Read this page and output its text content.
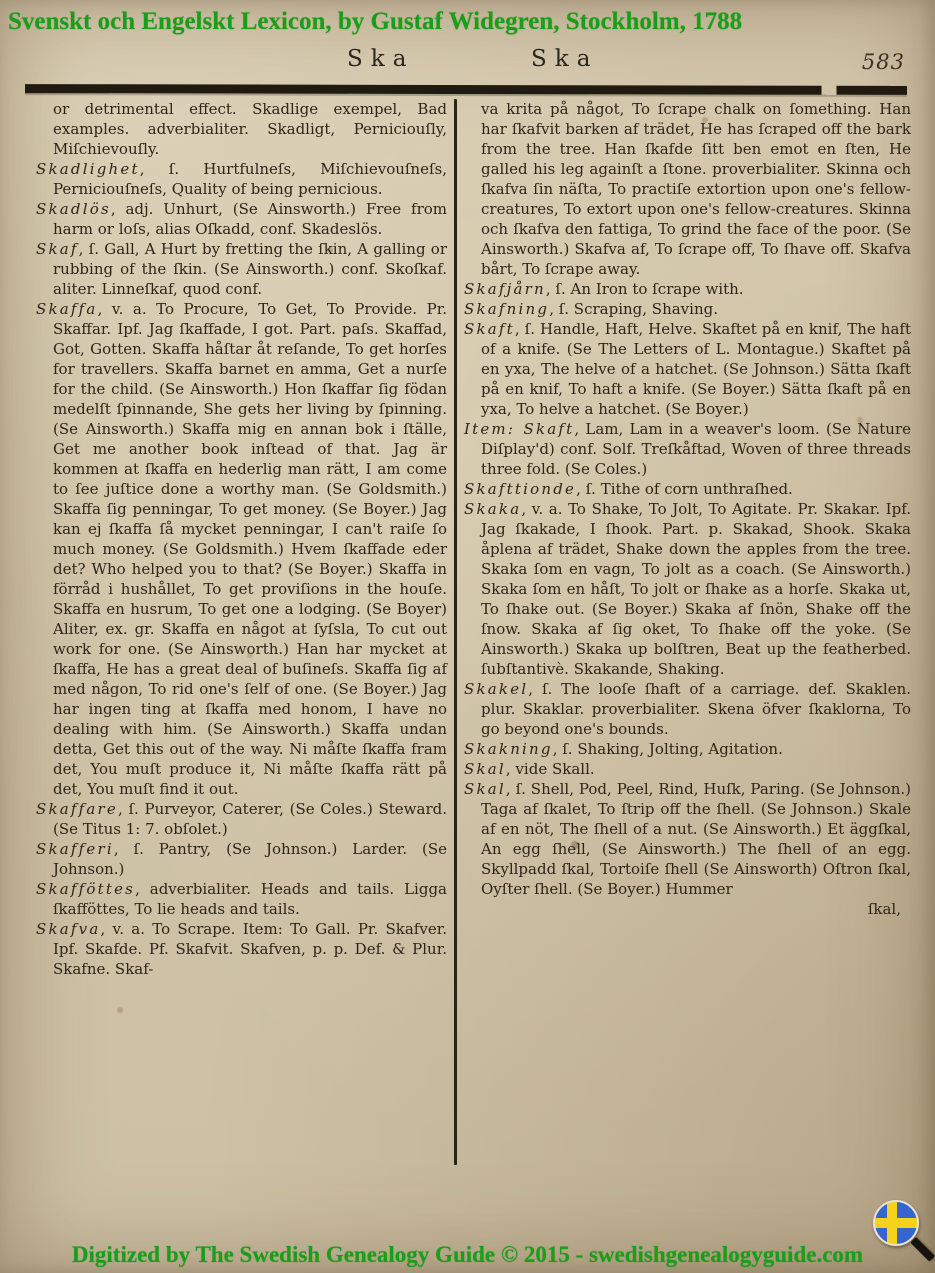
Svenskt och Engelskt Lexicon, by Gustaf Widegren, Stockholm, 1788
Ska	Ska	583

or detrimental effect. Skadlige exempel, Bad examples. adverbialiter. Skadligt, Perniciouſly, Miſchievouſly.

Skadlighet, ſ. Hurtfulneſs, Miſchievouſneſs, Perniciouſneſs, Quality of being pernicious.

Skadlös, adj. Unhurt, (Se Ainsworth.) Free from harm or loſs, alias Oſkadd, conf. Skadeslös.

Skaf, ſ. Gall, A Hurt by fretting the ſkin, A galling or rubbing of the ſkin. (Se Ainsworth.) conf. Skoſkaf. aliter. Linneſkaf, quod conf.

Skaffa, v. a. To Procure, To Get, To Provide. Pr. Skaffar. Ipf. Jag ſkaffade, I got. Part. paſs. Skaffad, Got, Gotten. Skaffa håſtar åt reſande, To get horſes for travellers. Skaffa barnet en amma, Get a nurſe for the child. (Se Ainsworth.) Hon ſkaffar ſig födan medelſt ſpinnande, She gets her living by ſpinning. (Se Ainsworth.) Skaffa mig en annan bok i ſtälle, Get me another book inſtead of that. Jag är kommen at ſkaffa en hederlig man rätt, I am come to ſee juſtice done a worthy man. (Se Goldsmith.) Skaffa ſig penningar, To get money. (Se Boyer.) Jag kan ej ſkaffa ſå mycket penningar, I can't raiſe ſo much money. (Se Goldsmith.) Hvem ſkaffade eder det? Who helped you to that? (Se Boyer.) Skaffa in förråd i hushållet, To get proviſions in the houſe. Skaffa en husrum, To get one a lodging. (Se Boyer) Aliter, ex. gr. Skaffa en något at ſyſsla, To cut out work for one. (Se Ainsworth.) Han har mycket at ſkaffa, He has a great deal of buſineſs. Skaffa ſig af med någon, To rid one's ſelf of one. (Se Boyer.) Jag har ingen ting at ſkaffa med honom, I have no dealing with him. (Se Ainsworth.) Skaffa undan detta, Get this out of the way. Ni måſte ſkaffa fram det, You muſt produce it, Ni måſte ſkaffa rätt på det, You muſt find it out.

Skaffare, ſ. Purveyor, Caterer, (Se Coles.) Steward. (Se Titus 1: 7. obſolet.)

Skafferi, ſ. Pantry, (Se Johnson.) Larder. (Se Johnson.)

Skafföttes, adverbialiter. Heads and tails. Ligga ſkafföttes, To lie heads and tails.

Skafva, v. a. To Scrape. Item: To Gall. Pr. Skafver. Ipf. Skafde. Pf. Skafvit. Skafven, p. p. Def. & Plur. Skafne. Skaf-

va krita på något, To ſcrape chalk on ſomething. Han har ſkafvit barken af trädet, He has ſcraped off the bark from the tree. Han ſkafde ſitt ben emot en ſten, He galled his leg againſt a ſtone. proverbialiter. Skinna och ſkafva ſin näſta, To practiſe extortion upon one's fellow-creatures, To extort upon one's fellow-creatures. Skinna och ſkafva den fattiga, To grind the face of the poor. (Se Ainsworth.) Skafva af, To ſcrape off, To ſhave off. Skafva bårt, To ſcrape away.

Skafjårn, ſ. An Iron to ſcrape with.

Skafning, ſ. Scraping, Shaving.

Skaft, ſ. Handle, Haft, Helve. Skaftet på en knif, The haft of a knife. (Se The Letters of L. Montague.) Skaftet på en yxa, The helve of a hatchet. (Se Johnson.) Sätta ſkaft på en knif, To haft a knife. (Se Boyer.) Sätta ſkaft på en yxa, To helve a hatchet. (Se Boyer.)

Item: Skaft, Lam, Lam in a weaver's loom. (Se Nature Diſplay'd) conf. Solf. Treſkåftad, Woven of three threads three fold. (Se Coles.)

Skafttionde, ſ. Tithe of corn unthraſhed.

Skaka, v. a. To Shake, To Jolt, To Agitate. Pr. Skakar. Ipf. Jag ſkakade, I ſhook. Part. p. Skakad, Shook. Skaka åplena af trädet, Shake down the apples from the tree. Skaka ſom en vagn, To jolt as a coach. (Se Ainsworth.) Skaka ſom en håſt, To jolt or ſhake as a horſe. Skaka ut, To ſhake out. (Se Boyer.) Skaka af ſnön, Shake off the ſnow. Skaka af ſig oket, To ſhake off the yoke. (Se Ainsworth.) Skaka up bolſtren, Beat up the featherbed. ſubſtantivè. Skakande, Shaking.

Skakel, ſ. The looſe ſhaft of a carriage. def. Skaklen. plur. Skaklar. proverbialiter. Skena öfver ſkaklorna, To go beyond one's bounds.

Skakning, ſ. Shaking, Jolting, Agitation.

Skal, vide Skall.

Skal, ſ. Shell, Pod, Peel, Rind, Huſk, Paring. (Se Johnson.) Taga af ſkalet, To ſtrip off the ſhell. (Se Johnson.) Skale af en nöt, The ſhell of a nut. (Se Ainsworth.) Et äggſkal, An egg ſhell, (Se Ainsworth.) The ſhell of an egg. Skyllpadd ſkal, Tortoiſe ſhell (Se Ainsworth) Oſtron ſkal, Oyſter ſhell. (Se Boyer.) Hummer

ſkal,

Digitized by The Swedish Genealogy Guide © 2015 - swedishgenealogyguide.com
